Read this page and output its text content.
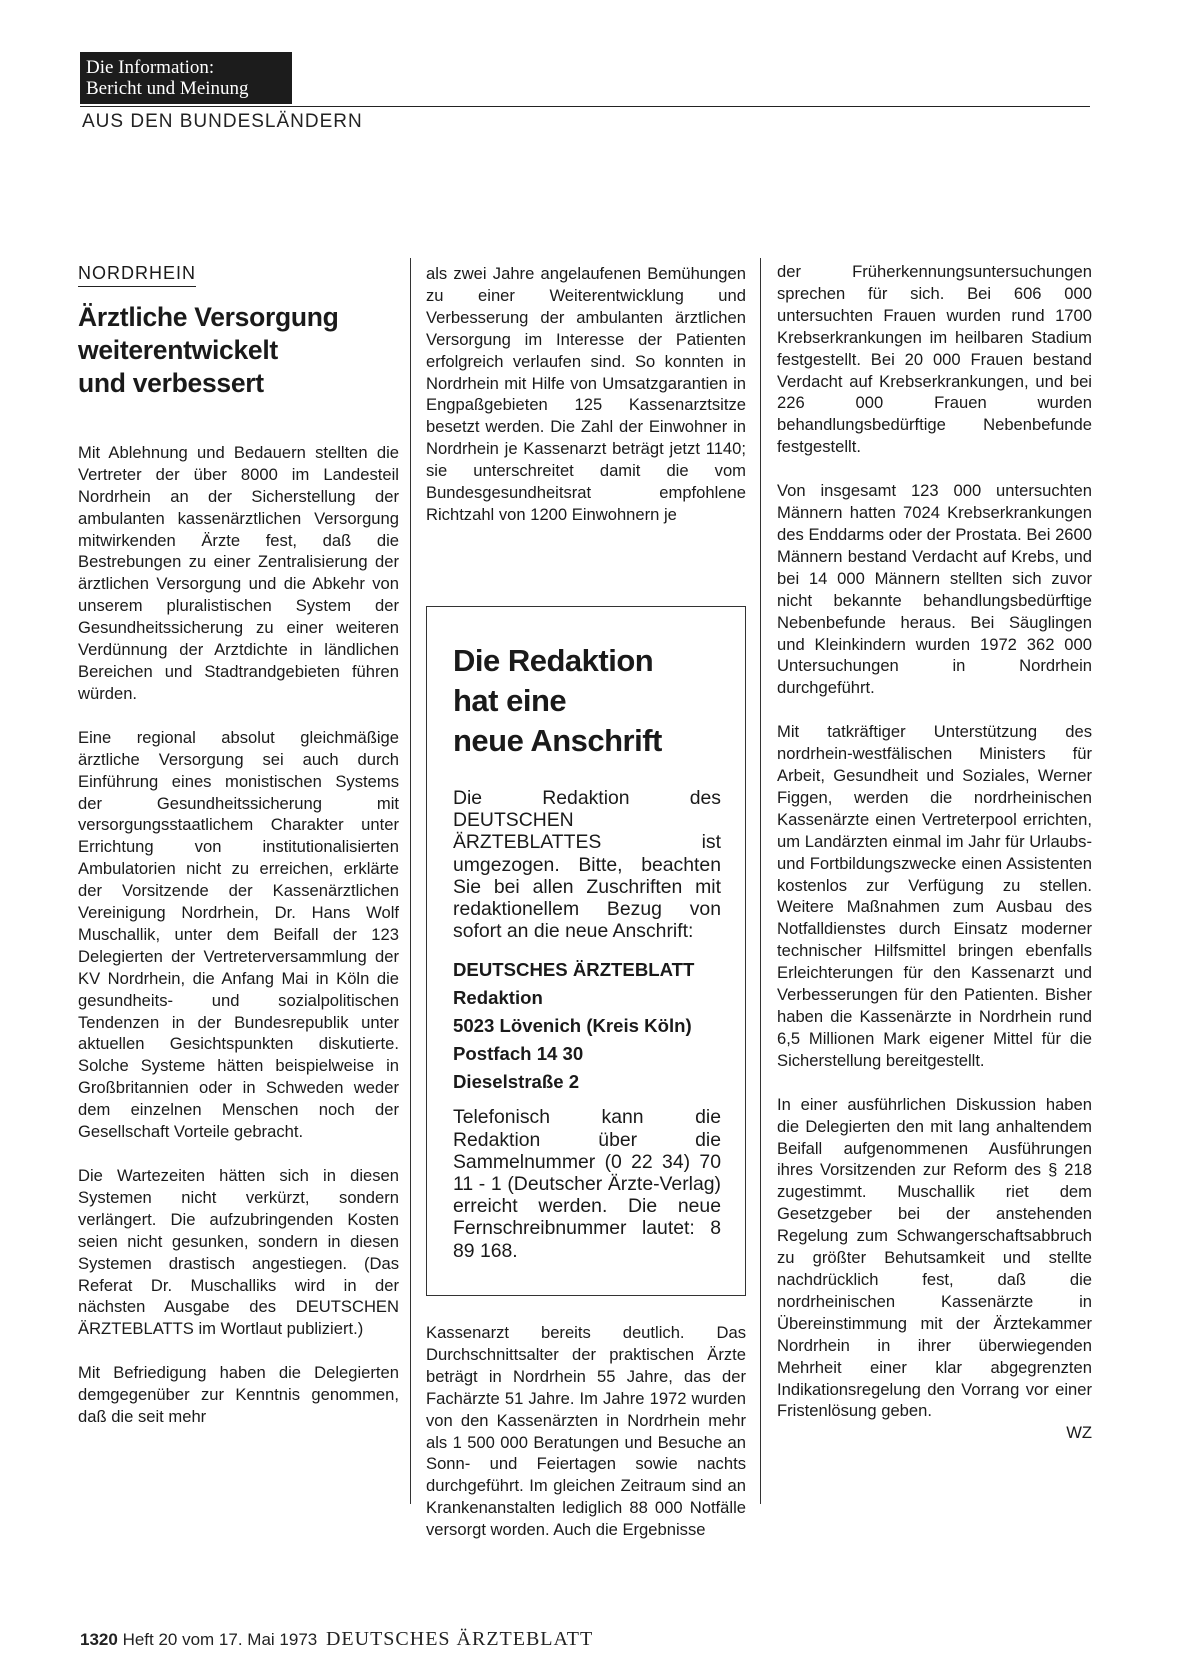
Die Information:
Bericht und Meinung
AUS DEN BUNDESLÄNDERN
NORDRHEIN
Ärztliche Versorgung
weiterentwickelt
und verbessert

Mit Ablehnung und Bedauern stellten die Vertreter der über 8000 im Landesteil Nordrhein an der Sicherstellung der ambulanten kassenärztlichen Versorgung mitwirkenden Ärzte fest, daß die Bestrebungen zu einer Zentralisierung der ärztlichen Versorgung und die Abkehr von unserem pluralistischen System der Gesundheitssicherung zu einer weiteren Verdünnung der Arztdichte in ländlichen Bereichen und Stadtrandgebieten führen würden.

Eine regional absolut gleichmäßige ärztliche Versorgung sei auch durch Einführung eines monistischen Systems der Gesundheitssicherung mit versorgungsstaatlichem Charakter unter Errichtung von institutionalisierten Ambulatorien nicht zu erreichen, erklärte der Vorsitzende der Kassenärztlichen Vereinigung Nordrhein, Dr. Hans Wolf Muschallik, unter dem Beifall der 123 Delegierten der Vertreterversammlung der KV Nordrhein, die Anfang Mai in Köln die gesundheits- und sozialpolitischen Tendenzen in der Bundesrepublik unter aktuellen Gesichtspunkten diskutierte. Solche Systeme hätten beispielweise in Großbritannien oder in Schweden weder dem einzelnen Menschen noch der Gesellschaft Vorteile gebracht.

Die Wartezeiten hätten sich in diesen Systemen nicht verkürzt, sondern verlängert. Die aufzubringenden Kosten seien nicht gesunken, sondern in diesen Systemen drastisch angestiegen. (Das Referat Dr. Muschalliks wird in der nächsten Ausgabe des DEUTSCHEN ÄRZTEBLATTS im Wortlaut publiziert.)

Mit Befriedigung haben die Delegierten demgegenüber zur Kenntnis genommen, daß die seit mehr

als zwei Jahre angelaufenen Bemühungen zu einer Weiterentwicklung und Verbesserung der ambulanten ärztlichen Versorgung im Interesse der Patienten erfolgreich verlaufen sind. So konnten in Nordrhein mit Hilfe von Umsatzgarantien in Engpaßgebieten 125 Kassenarztsitze besetzt werden. Die Zahl der Einwohner in Nordrhein je Kassenarzt beträgt jetzt 1140; sie unterschreitet damit die vom Bundesgesundheitsrat empfohlene Richtzahl von 1200 Einwohnern je

Die Redaktion
hat eine
neue Anschrift

Die Redaktion des DEUTSCHEN ÄRZTEBLATTES ist umgezogen. Bitte, beachten Sie bei allen Zuschriften mit redaktionellem Bezug von sofort an die neue Anschrift:

DEUTSCHES ÄRZTEBLATT
Redaktion
5023 Lövenich (Kreis Köln)
Postfach 14 30
Dieselstraße 2

Telefonisch kann die Redaktion über die Sammelnummer (0 22 34) 70 11 - 1 (Deutscher Ärzte-Verlag) erreicht werden. Die neue Fernschreibnummer lautet: 8 89 168.

Kassenarzt bereits deutlich. Das Durchschnittsalter der praktischen Ärzte beträgt in Nordrhein 55 Jahre, das der Fachärzte 51 Jahre. Im Jahre 1972 wurden von den Kassenärzten in Nordrhein mehr als 1 500 000 Beratungen und Besuche an Sonn- und Feiertagen sowie nachts durchgeführt. Im gleichen Zeitraum sind an Krankenanstalten lediglich 88 000 Notfälle versorgt worden. Auch die Ergebnisse

der Früherkennungsuntersuchungen sprechen für sich. Bei 606 000 untersuchten Frauen wurden rund 1700 Krebserkrankungen im heilbaren Stadium festgestellt. Bei 20 000 Frauen bestand Verdacht auf Krebserkrankungen, und bei 226 000 Frauen wurden behandlungsbedürftige Nebenbefunde festgestellt.

Von insgesamt 123 000 untersuchten Männern hatten 7024 Krebserkrankungen des Enddarms oder der Prostata. Bei 2600 Männern bestand Verdacht auf Krebs, und bei 14 000 Männern stellten sich zuvor nicht bekannte behandlungsbedürftige Nebenbefunde heraus. Bei Säuglingen und Kleinkindern wurden 1972 362 000 Untersuchungen in Nordrhein durchgeführt.

Mit tatkräftiger Unterstützung des nordrhein-westfälischen Ministers für Arbeit, Gesundheit und Soziales, Werner Figgen, werden die nordrheinischen Kassenärzte einen Vertreterpool errichten, um Landärzten einmal im Jahr für Urlaubs- und Fortbildungszwecke einen Assistenten kostenlos zur Verfügung zu stellen. Weitere Maßnahmen zum Ausbau des Notfalldienstes durch Einsatz moderner technischer Hilfsmittel bringen ebenfalls Erleichterungen für den Kassenarzt und Verbesserungen für den Patienten. Bisher haben die Kassenärzte in Nordrhein rund 6,5 Millionen Mark eigener Mittel für die Sicherstellung bereitgestellt.

In einer ausführlichen Diskussion haben die Delegierten den mit lang anhaltendem Beifall aufgenommenen Ausführungen ihres Vorsitzenden zur Reform des § 218 zugestimmt. Muschallik riet dem Gesetzgeber bei der anstehenden Regelung zum Schwangerschaftsabbruch zu größter Behutsamkeit und stellte nachdrücklich fest, daß die nordrheinischen Kassenärzte in Übereinstimmung mit der Ärztekammer Nordrhein in ihrer überwiegenden Mehrheit einer klar abgegrenzten Indikationsregelung den Vorrang vor einer Fristenlösung geben.

WZ
1320 Heft 20 vom 17. Mai 1973 DEUTSCHES ÄRZTEBLATT
